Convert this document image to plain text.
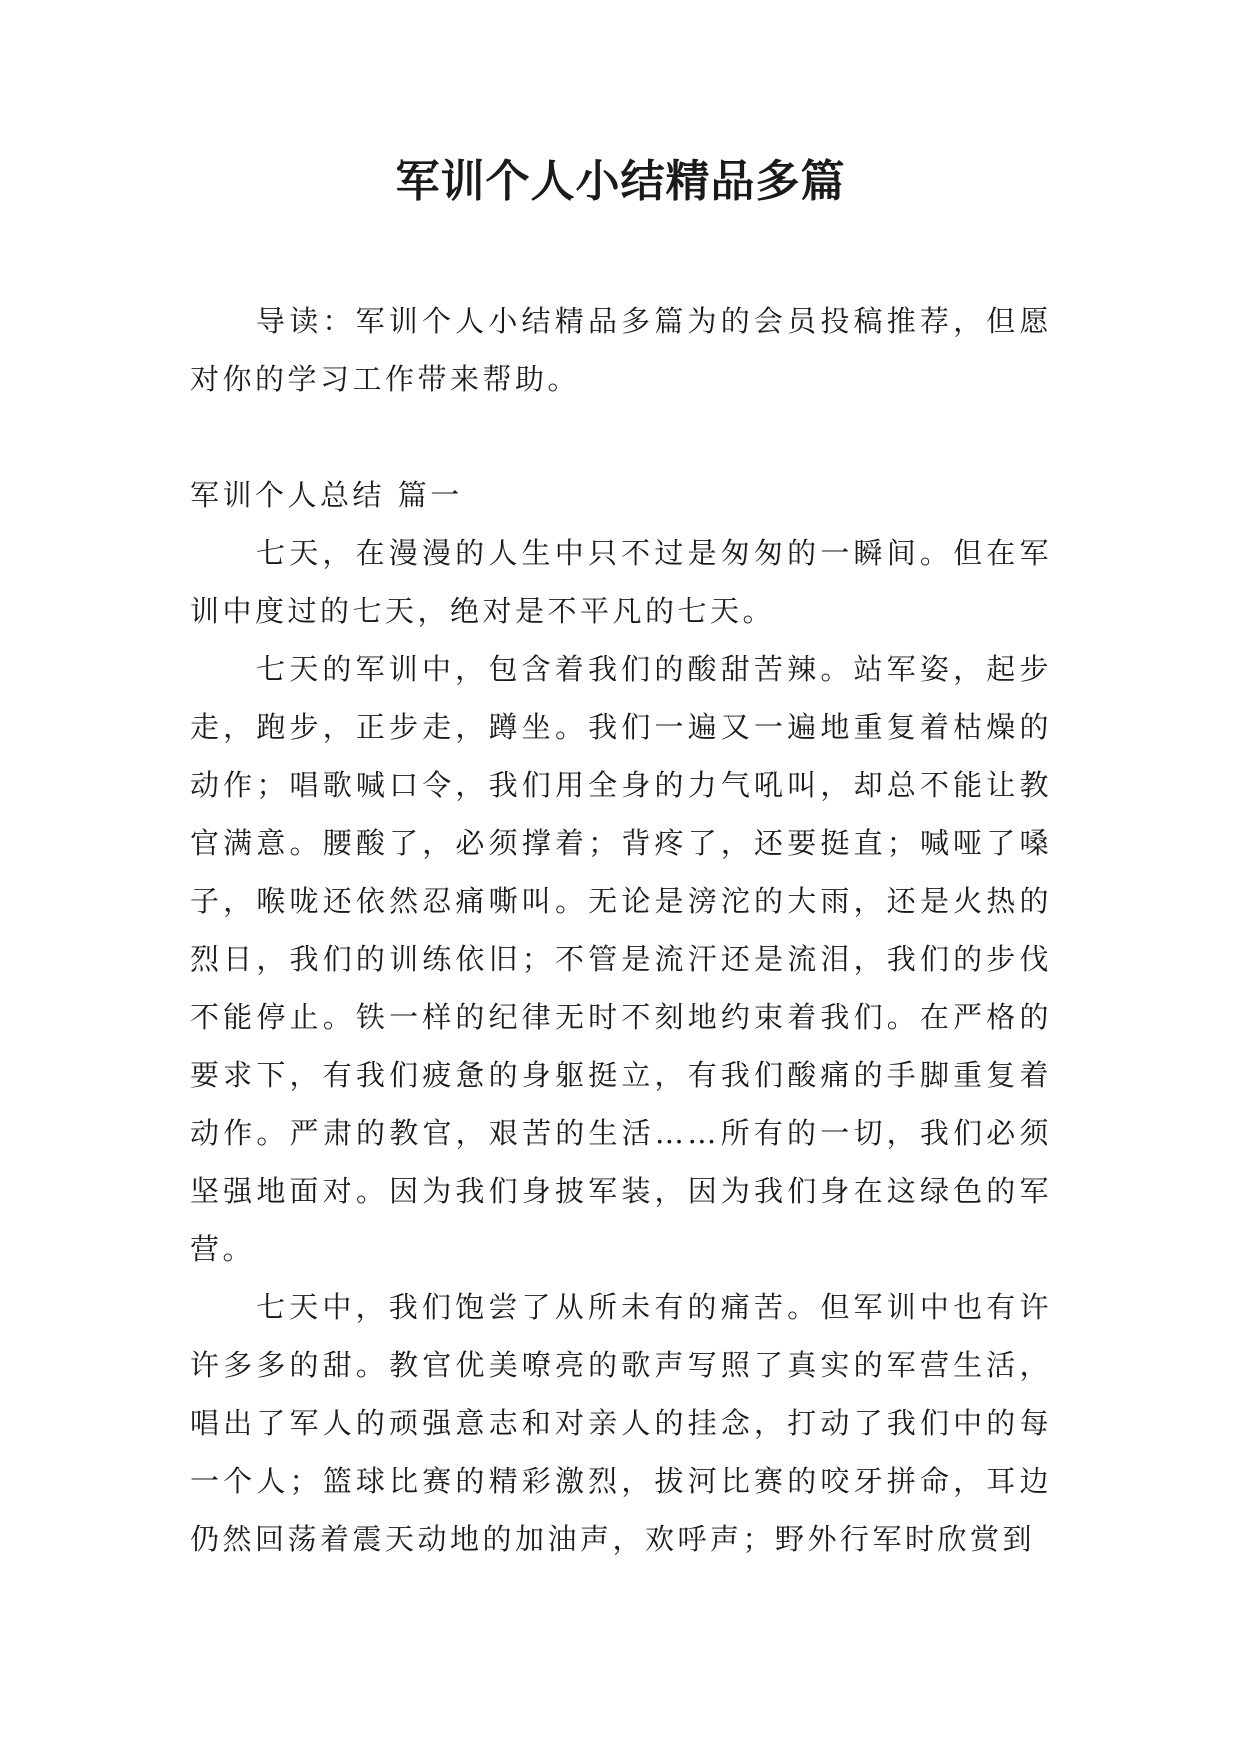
军训个人小结精品多篇

导读：军训个人小结精品多篇为的会员投稿推荐，但愿对你的学习工作带来帮助。

军训个人总结 篇一

七天，在漫漫的人生中只不过是匆匆的一瞬间。但在军训中度过的七天，绝对是不平凡的七天。

七天的军训中，包含着我们的酸甜苦辣。站军姿，起步走，跑步，正步走，蹲坐。我们一遍又一遍地重复着枯燥的动作；唱歌喊口令，我们用全身的力气吼叫，却总不能让教官满意。腰酸了，必须撑着；背疼了，还要挺直；喊哑了嗓子，喉咙还依然忍痛嘶叫。无论是滂沱的大雨，还是火热的烈日，我们的训练依旧；不管是流汗还是流泪，我们的步伐不能停止。铁一样的纪律无时不刻地约束着我们。在严格的要求下，有我们疲惫的身躯挺立，有我们酸痛的手脚重复着动作。严肃的教官，艰苦的生活……所有的一切，我们必须坚强地面对。因为我们身披军装，因为我们身在这绿色的军营。

七天中，我们饱尝了从所未有的痛苦。但军训中也有许许多多的甜。教官优美嘹亮的歌声写照了真实的军营生活，唱出了军人的顽强意志和对亲人的挂念，打动了我们中的每一个人；篮球比赛的精彩激烈，拔河比赛的咬牙拼命，耳边仍然回荡着震天动地的加油声，欢呼声；野外行军时欣赏到
